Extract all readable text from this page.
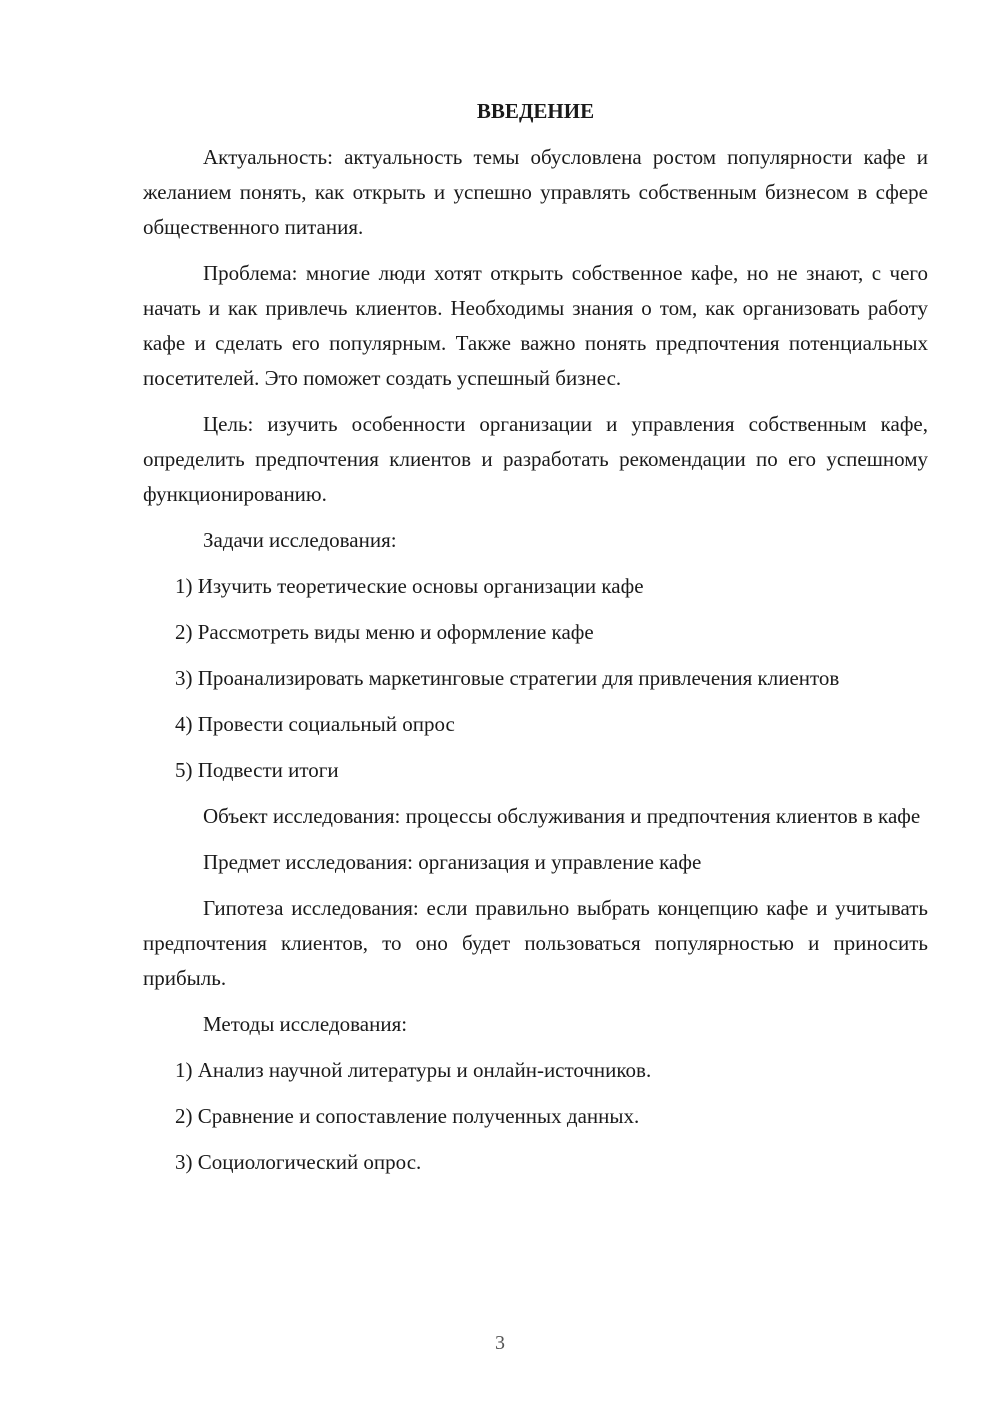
ВВЕДЕНИЕ

Актуальность: актуальность темы обусловлена ростом популярности кафе и желанием понять, как открыть и успешно управлять собственным бизнесом в сфере общественного питания.

Проблема: многие люди хотят открыть собственное кафе, но не знают, с чего начать и как привлечь клиентов. Необходимы знания о том, как организовать работу кафе и сделать его популярным. Также важно понять предпочтения потенциальных посетителей. Это поможет создать успешный бизнес.

Цель: изучить особенности организации и управления собственным кафе, определить предпочтения клиентов и разработать рекомендации по его успешному функционированию.

Задачи исследования:

1) Изучить теоретические основы организации кафе

2) Рассмотреть виды меню и оформление кафе

3) Проанализировать маркетинговые стратегии для привлечения клиентов

4) Провести социальный опрос

5) Подвести итоги

Объект исследования: процессы обслуживания и предпочтения клиентов в кафе

Предмет исследования: организация и управление кафе

Гипотеза исследования: если правильно выбрать концепцию кафе и учитывать предпочтения клиентов, то оно будет пользоваться популярностью и приносить прибыль.

Методы исследования:

1) Анализ научной литературы и онлайн-источников.

2) Сравнение и сопоставление полученных данных.

3) Социологический опрос.

3
